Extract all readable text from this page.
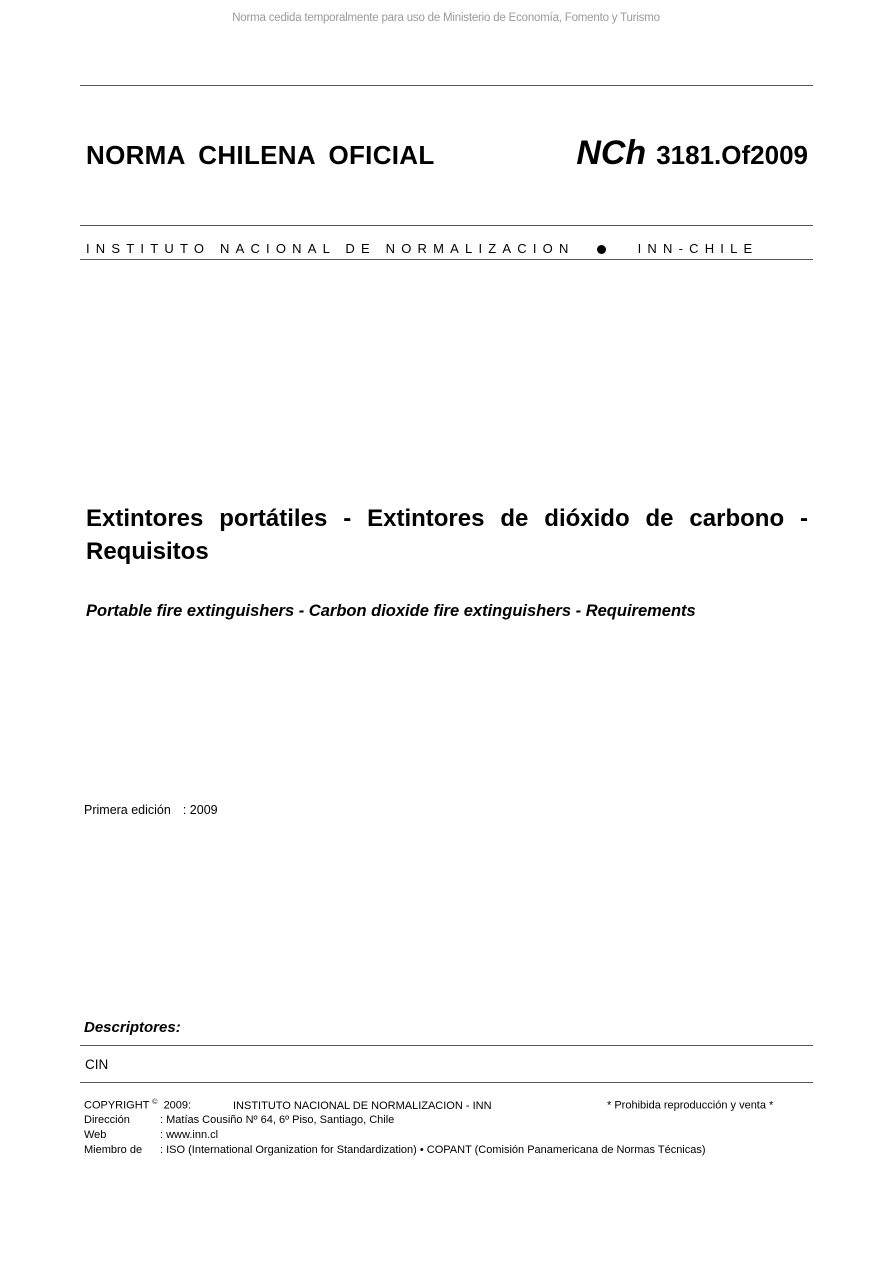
Norma cedida temporalmente para uso de Ministerio de Economía, Fomento y Turismo
NORMA CHILENA OFICIAL	NCh 3181.Of2009
INSTITUTO NACIONAL DE NORMALIZACION	INN-CHILE
Extintores portátiles - Extintores de dióxido de carbono - Requisitos
Portable fire extinguishers - Carbon dioxide fire extinguishers - Requirements
Primera edición : 2009
Descriptores:
CIN
COPYRIGHT © 2009:	INSTITUTO NACIONAL DE NORMALIZACION - INN	* Prohibida reproducción y venta *
Dirección	: Matías Cousiño Nº 64, 6º Piso, Santiago, Chile
Web	: www.inn.cl
Miembro de : ISO (International Organization for Standardization) • COPANT (Comisión Panamericana de Normas Técnicas)
